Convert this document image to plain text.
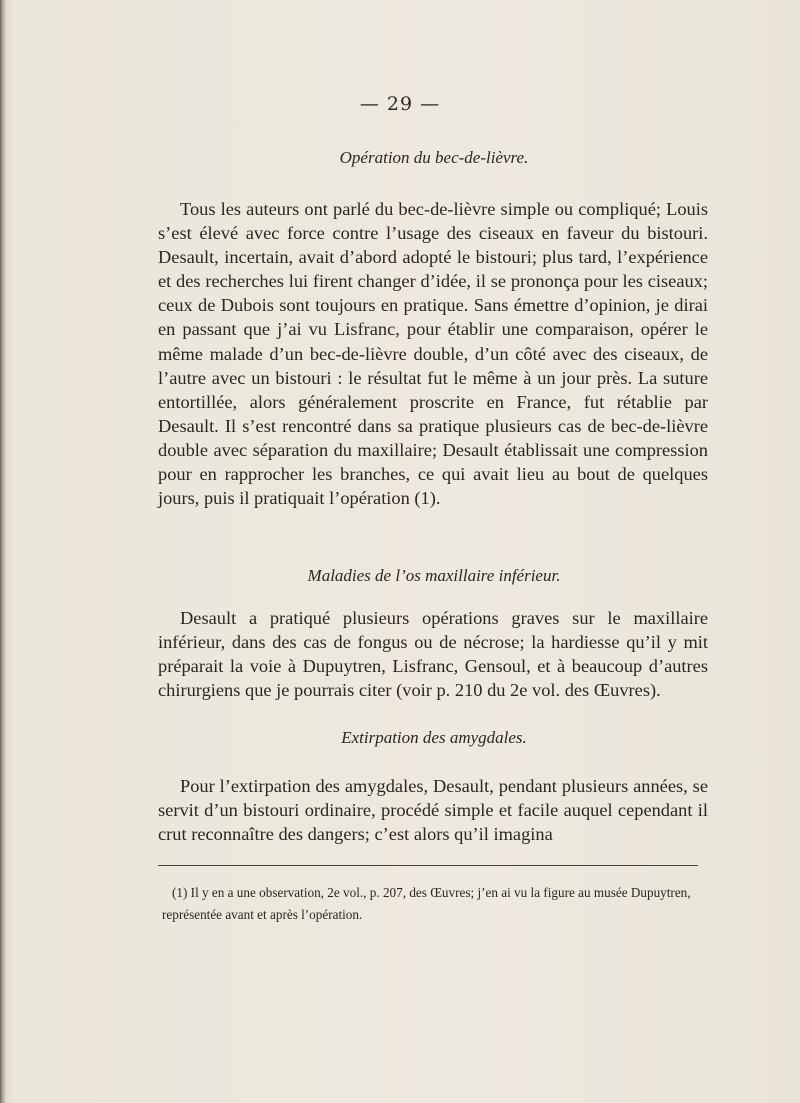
— 29 —
Opération du bec-de-lièvre.

Tous les auteurs ont parlé du bec-de-lièvre simple ou compliqué; Louis s’est élevé avec force contre l’usage des ciseaux en faveur du bistouri. Desault, incertain, avait d’abord adopté le bistouri; plus tard, l’expérience et des recherches lui firent changer d’idée, il se prononça pour les ciseaux; ceux de Dubois sont toujours en pratique. Sans émettre d’opinion, je dirai en passant que j’ai vu Lisfranc, pour établir une comparaison, opérer le même malade d’un bec-de-lièvre double, d’un côté avec des ciseaux, de l’autre avec un bistouri : le résultat fut le même à un jour près. La suture entortillée, alors généralement proscrite en France, fut rétablie par Desault. Il s’est rencontré dans sa pratique plusieurs cas de bec-de-lièvre double avec séparation du maxillaire; Desault établissait une compression pour en rapprocher les branches, ce qui avait lieu au bout de quelques jours, puis il pratiquait l’opération (1).

Maladies de l’os maxillaire inférieur.

Desault a pratiqué plusieurs opérations graves sur le maxillaire inférieur, dans des cas de fongus ou de nécrose; la hardiesse qu’il y mit préparait la voie à Dupuytren, Lisfranc, Gensoul, et à beaucoup d’autres chirurgiens que je pourrais citer (voir p. 210 du 2e vol. des Œuvres).

Extirpation des amygdales.

Pour l’extirpation des amygdales, Desault, pendant plusieurs années, se servit d’un bistouri ordinaire, procédé simple et facile auquel cependant il crut reconnaître des dangers; c’est alors qu’il imagina

(1) Il y en a une observation, 2e vol., p. 207, des Œuvres; j’en ai vu la figure au musée Dupuytren, représentée avant et après l’opération.
